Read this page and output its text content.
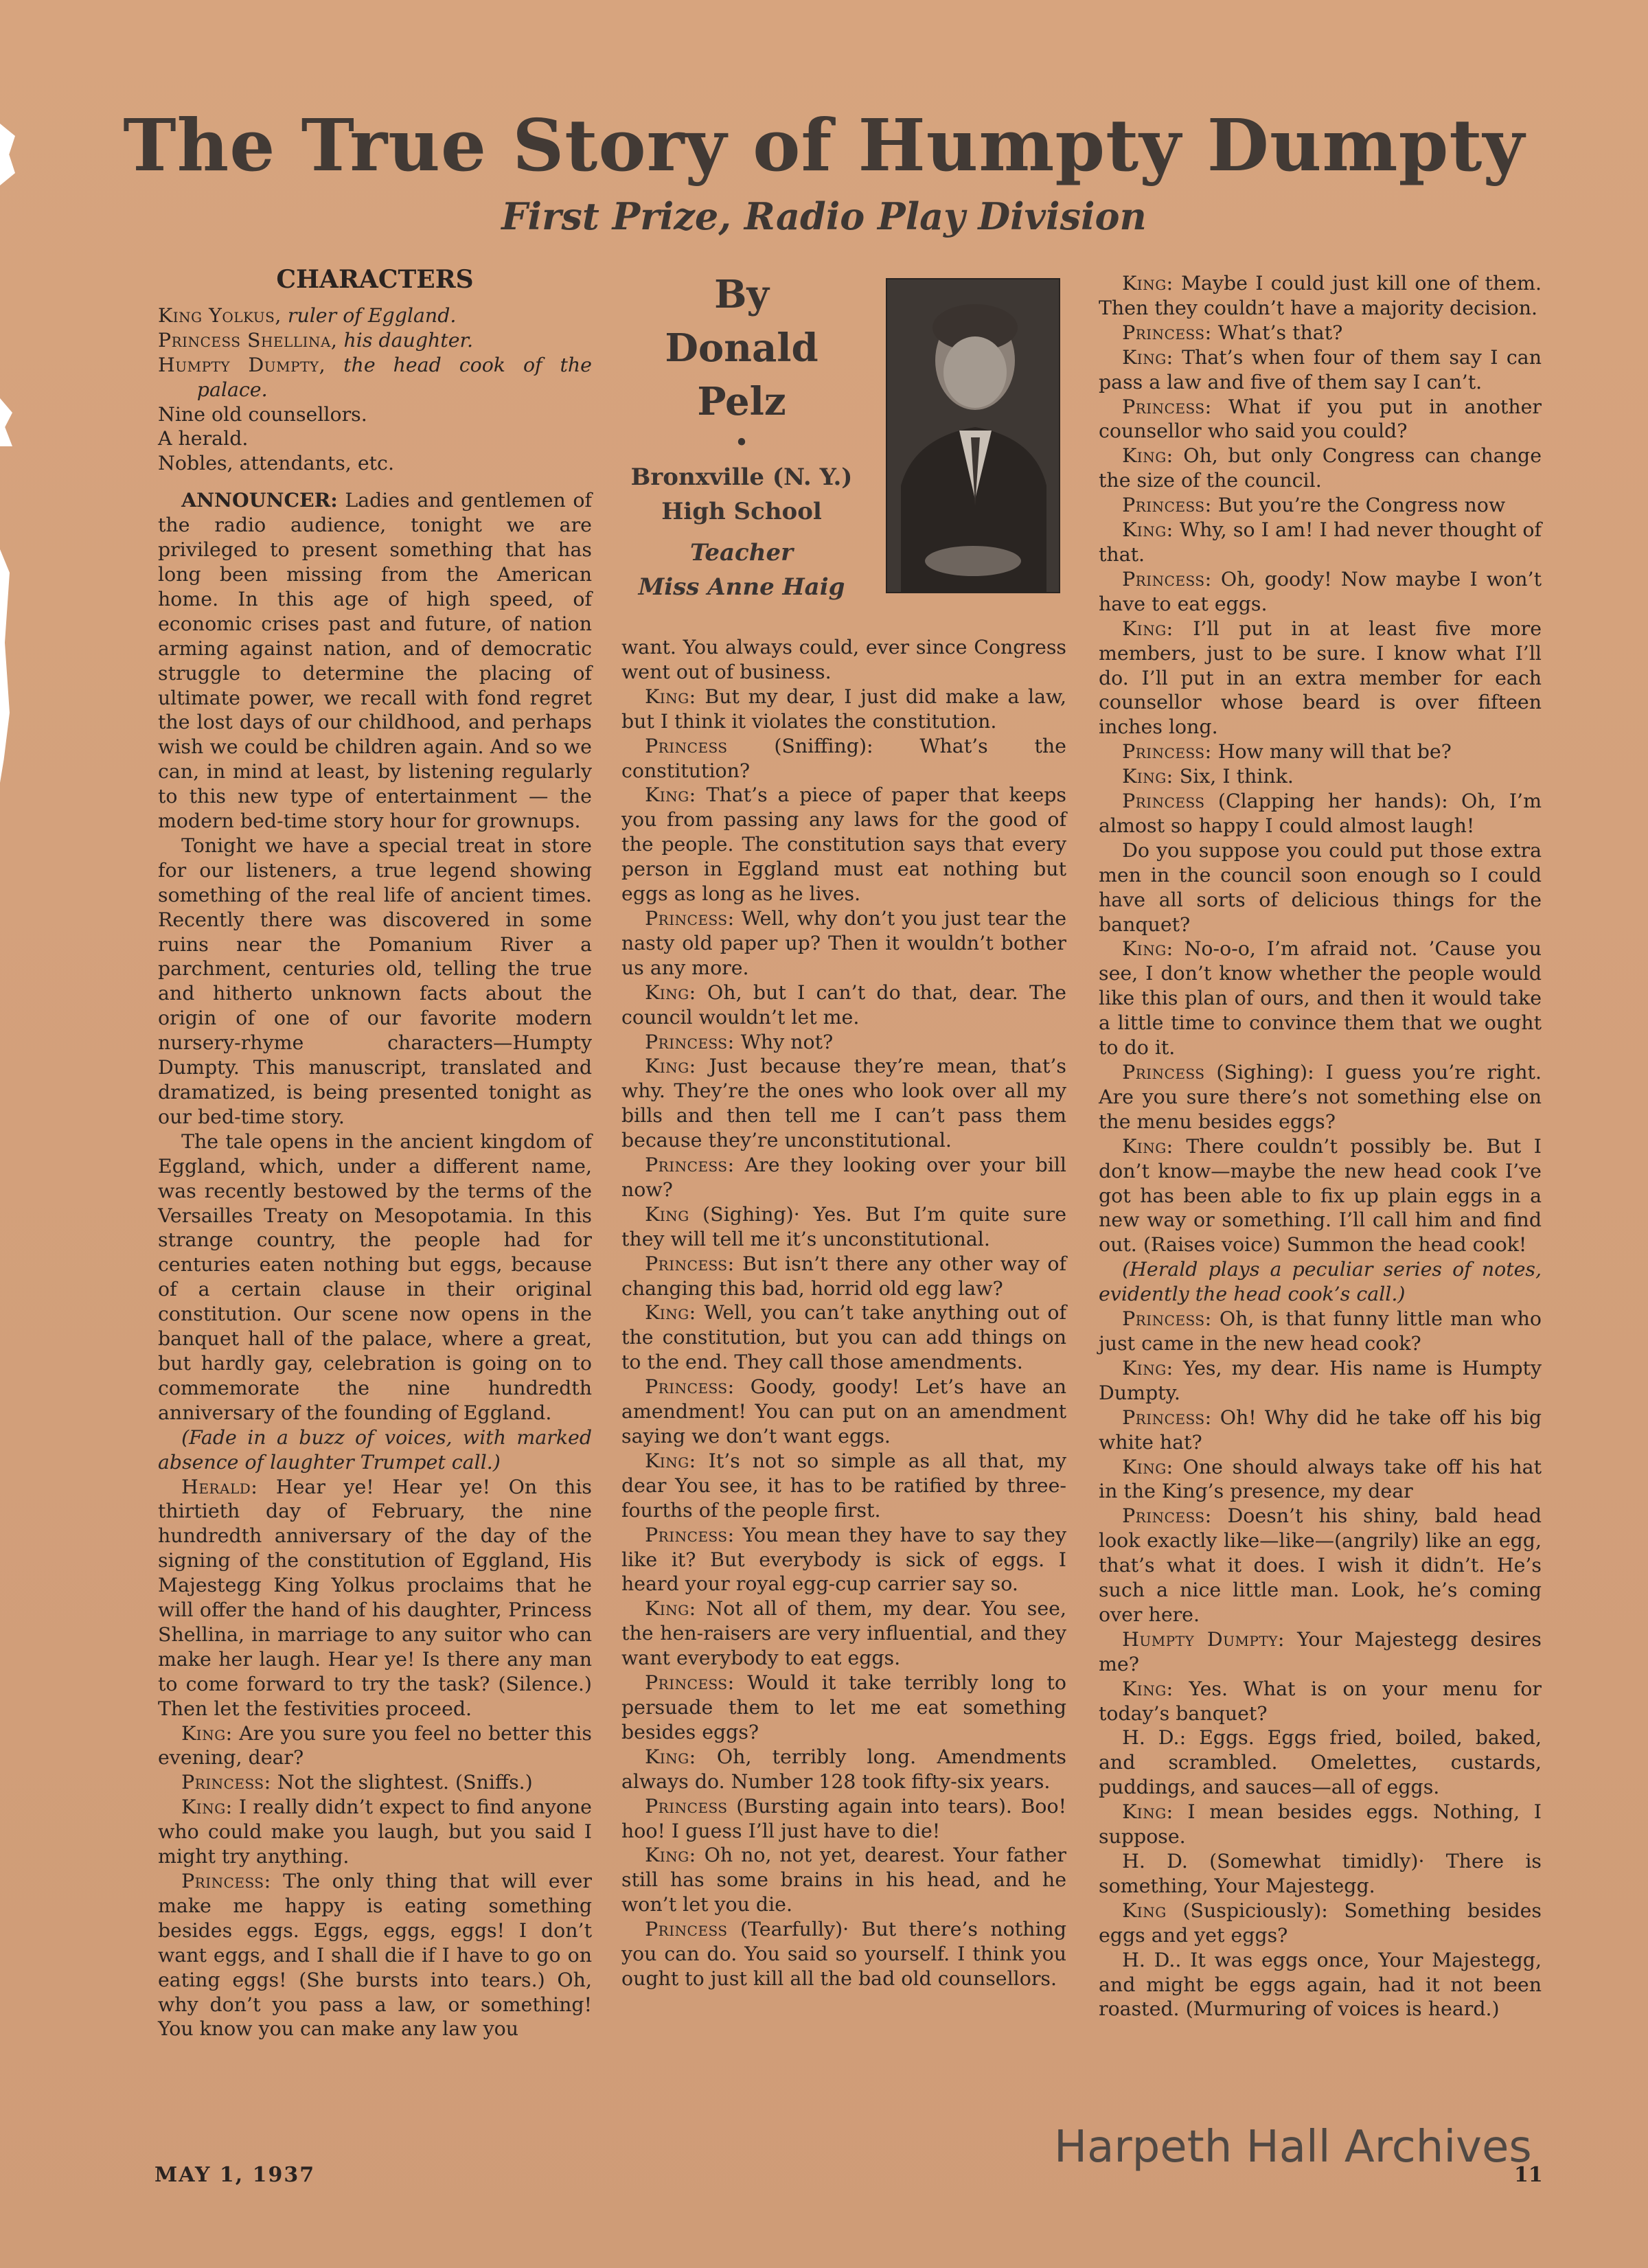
The True Story of Humpty Dumpty
First Prize, Radio Play Division
CHARACTERS

King Yolkus, ruler of Eggland.

Princess Shellina, his daughter.

Humpty Dumpty, the head cook of the palace.

Nine old counsellors.

A herald.

Nobles, attendants, etc.

ANNOUNCER: Ladies and gentlemen of the radio audience, tonight we are privileged to present something that has long been missing from the American home. In this age of high speed, of economic crises past and future, of nation arming against nation, and of democratic struggle to determine the placing of ultimate power, we recall with fond regret the lost days of our childhood, and perhaps wish we could be children again. And so we can, in mind at least, by listening regularly to this new type of entertainment — the modern bed-time story hour for grownups.

Tonight we have a special treat in store for our listeners, a true legend showing something of the real life of ancient times. Recently there was discovered in some ruins near the Pomanium River a parchment, centuries old, telling the true and hitherto unknown facts about the origin of one of our favorite modern nursery-rhyme characters—Humpty Dumpty. This manuscript, translated and dramatized, is being presented tonight as our bed-time story.

The tale opens in the ancient kingdom of Eggland, which, under a different name, was recently bestowed by the terms of the Versailles Treaty on Mesopotamia. In this strange country, the people had for centuries eaten nothing but eggs, because of a certain clause in their original constitution. Our scene now opens in the banquet hall of the palace, where a great, but hardly gay, celebration is going on to commemorate the nine hundredth anniversary of the founding of Eggland.

(Fade in a buzz of voices, with marked absence of laughter Trumpet call.)

Herald: Hear ye! Hear ye! On this thirtieth day of February, the nine hundredth anniversary of the day of the signing of the constitution of Eggland, His Majestegg King Yolkus proclaims that he will offer the hand of his daughter, Princess Shellina, in marriage to any suitor who can make her laugh. Hear ye! Is there any man to come forward to try the task? (Silence.) Then let the festivities proceed.

King: Are you sure you feel no better this evening, dear?

Princess: Not the slightest. (Sniffs.)

King: I really didn’t expect to find anyone who could make you laugh, but you said I might try anything.

Princess: The only thing that will ever make me happy is eating something besides eggs. Eggs, eggs, eggs! I don’t want eggs, and I shall die if I have to go on eating eggs! (She bursts into tears.) Oh, why don’t you pass a law, or something! You know you can make any law you

By
Donald
Pelz
•
Bronxville (N. Y.)
High School
Teacher
Miss Anne Haig

want. You always could, ever since Congress went out of business.

King: But my dear, I just did make a law, but I think it violates the constitution.

Princess (Sniffing): What’s the constitution?

King: That’s a piece of paper that keeps you from passing any laws for the good of the people. The constitution says that every person in Eggland must eat nothing but eggs as long as he lives.

Princess: Well, why don’t you just tear the nasty old paper up? Then it wouldn’t bother us any more.

King: Oh, but I can’t do that, dear. The council wouldn’t let me.

Princess: Why not?

King: Just because they’re mean, that’s why. They’re the ones who look over all my bills and then tell me I can’t pass them because they’re unconstitutional.

Princess: Are they looking over your bill now?

King (Sighing)· Yes. But I’m quite sure they will tell me it’s unconstitutional.

Princess: But isn’t there any other way of changing this bad, horrid old egg law?

King: Well, you can’t take anything out of the constitution, but you can add things on to the end. They call those amendments.

Princess: Goody, goody! Let’s have an amendment! You can put on an amendment saying we don’t want eggs.

King: It’s not so simple as all that, my dear You see, it has to be ratified by three-fourths of the people first.

Princess: You mean they have to say they like it? But everybody is sick of eggs. I heard your royal egg-cup carrier say so.

King: Not all of them, my dear. You see, the hen-raisers are very influential, and they want everybody to eat eggs.

Princess: Would it take terribly long to persuade them to let me eat something besides eggs?

King: Oh, terribly long. Amendments always do. Number 128 took fifty-six years.

Princess (Bursting again into tears). Boo! hoo! I guess I’ll just have to die!

King: Oh no, not yet, dearest. Your father still has some brains in his head, and he won’t let you die.

Princess (Tearfully)· But there’s nothing you can do. You said so yourself. I think you ought to just kill all the bad old counsellors.

King: Maybe I could just kill one of them. Then they couldn’t have a majority decision.

Princess: What’s that?

King: That’s when four of them say I can pass a law and five of them say I can’t.

Princess: What if you put in another counsellor who said you could?

King: Oh, but only Congress can change the size of the council.

Princess: But you’re the Congress now

King: Why, so I am! I had never thought of that.

Princess: Oh, goody! Now maybe I won’t have to eat eggs.

King: I’ll put in at least five more members, just to be sure. I know what I’ll do. I’ll put in an extra member for each counsellor whose beard is over fifteen inches long.

Princess: How many will that be?

King: Six, I think.

Princess (Clapping her hands): Oh, I’m almost so happy I could almost laugh!

Do you suppose you could put those extra men in the council soon enough so I could have all sorts of delicious things for the banquet?

King: No-o-o, I’m afraid not. ’Cause you see, I don’t know whether the people would like this plan of ours, and then it would take a little time to convince them that we ought to do it.

Princess (Sighing): I guess you’re right. Are you sure there’s not something else on the menu besides eggs?

King: There couldn’t possibly be. But I don’t know—maybe the new head cook I’ve got has been able to fix up plain eggs in a new way or something. I’ll call him and find out. (Raises voice) Summon the head cook!

(Herald plays a peculiar series of notes, evidently the head cook’s call.)

Princess: Oh, is that funny little man who just came in the new head cook?

King: Yes, my dear. His name is Humpty Dumpty.

Princess: Oh! Why did he take off his big white hat?

King: One should always take off his hat in the King’s presence, my dear

Princess: Doesn’t his shiny, bald head look exactly like—like—(angrily) like an egg, that’s what it does. I wish it didn’t. He’s such a nice little man. Look, he’s coming over here.

Humpty Dumpty: Your Majestegg desires me?

King: Yes. What is on your menu for today’s banquet?

H. D.: Eggs. Eggs fried, boiled, baked, and scrambled. Omelettes, custards, puddings, and sauces—all of eggs.

King: I mean besides eggs. Nothing, I suppose.

H. D. (Somewhat timidly)· There is something, Your Majestegg.

King (Suspiciously): Something besides eggs and yet eggs?

H. D.. It was eggs once, Your Majestegg, and might be eggs again, had it not been roasted. (Murmuring of voices is heard.)

MAY 1, 1937	11
Harpeth Hall Archives
